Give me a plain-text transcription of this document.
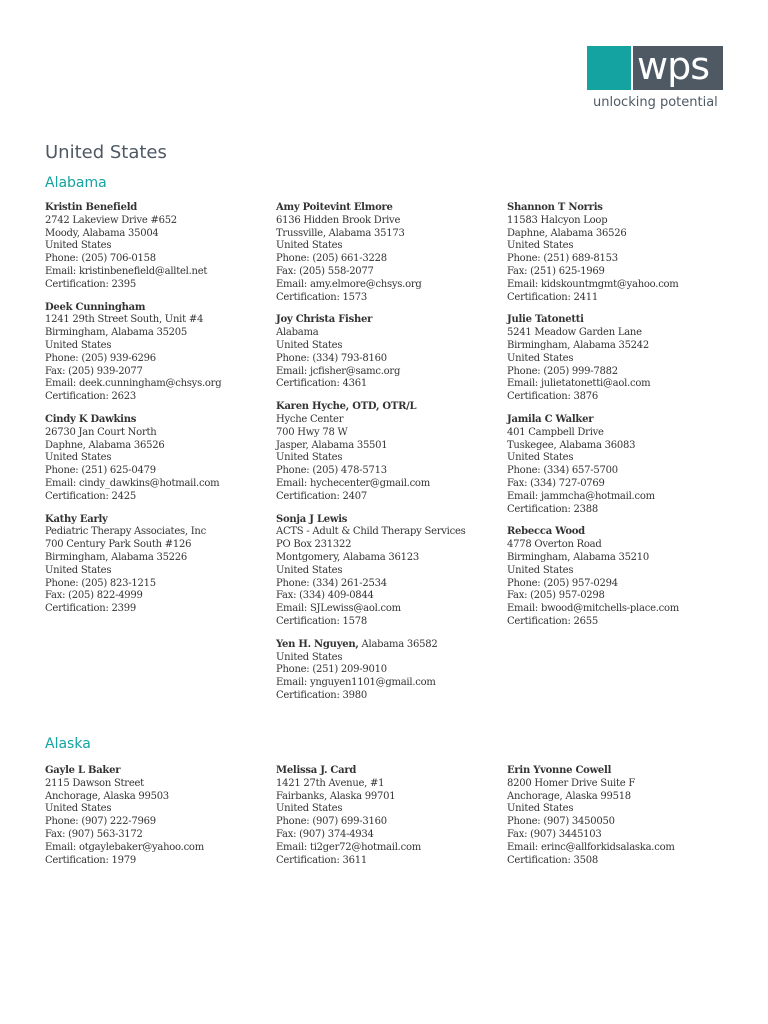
wps
unlocking potential
United States
Alabama
Kristin Benefield
2742 Lakeview Drive #652
Moody, Alabama 35004
United States
Phone: (205) 706-0158
Email: kristinbenefield@alltel.net
Certification: 2395
Deek Cunningham
1241 29th Street South, Unit #4
Birmingham, Alabama 35205
United States
Phone: (205) 939-6296
Fax: (205) 939-2077
Email: deek.cunningham@chsys.org
Certification: 2623
Cindy K Dawkins
26730 Jan Court North
Daphne, Alabama 36526
United States
Phone: (251) 625-0479
Email: cindy_dawkins@hotmail.com
Certification: 2425
Kathy Early
Pediatric Therapy Associates, Inc
700 Century Park South #126
Birmingham, Alabama 35226
United States
Phone: (205) 823-1215
Fax: (205) 822-4999
Certification: 2399
Amy Poitevint Elmore
6136 Hidden Brook Drive
Trussville, Alabama 35173
United States
Phone: (205) 661-3228
Fax: (205) 558-2077
Email: amy.elmore@chsys.org
Certification: 1573
Joy Christa Fisher
Alabama
United States
Phone: (334) 793-8160
Email: jcfisher@samc.org
Certification: 4361
Karen Hyche, OTD, OTR/L
Hyche Center
700 Hwy 78 W
Jasper, Alabama 35501
United States
Phone: (205) 478-5713
Email: hychecenter@gmail.com
Certification: 2407
Sonja J Lewis
ACTS - Adult & Child Therapy Services
PO Box 231322
Montgomery, Alabama 36123
United States
Phone: (334) 261-2534
Fax: (334) 409-0844
Email: SJLewiss@aol.com
Certification: 1578
Yen H. Nguyen, Alabama 36582
United States
Phone: (251) 209-9010
Email: ynguyen1101@gmail.com
Certification: 3980
Shannon T Norris
11583 Halcyon Loop
Daphne, Alabama 36526
United States
Phone: (251) 689-8153
Fax: (251) 625-1969
Email: kidskountmgmt@yahoo.com
Certification: 2411
Julie Tatonetti
5241 Meadow Garden Lane
Birmingham, Alabama 35242
United States
Phone: (205) 999-7882
Email: julietatonetti@aol.com
Certification: 3876
Jamila C Walker
401 Campbell Drive
Tuskegee, Alabama 36083
United States
Phone: (334) 657-5700
Fax: (334) 727-0769
Email: jammcha@hotmail.com
Certification: 2388
Rebecca Wood
4778 Overton Road
Birmingham, Alabama 35210
United States
Phone: (205) 957-0294
Fax: (205) 957-0298
Email: bwood@mitchells-place.com
Certification: 2655
Alaska
Gayle L Baker
2115 Dawson Street
Anchorage, Alaska 99503
United States
Phone: (907) 222-7969
Fax: (907) 563-3172
Email: otgaylebaker@yahoo.com
Certification: 1979
Melissa J. Card
1421 27th Avenue, #1
Fairbanks, Alaska 99701
United States
Phone: (907) 699-3160
Fax: (907) 374-4934
Email: ti2ger72@hotmail.com
Certification: 3611
Erin Yvonne Cowell
8200 Homer Drive Suite F
Anchorage, Alaska 99518
United States
Phone: (907) 3450050
Fax: (907) 3445103
Email: erinc@allforkidsalaska.com
Certification: 3508
